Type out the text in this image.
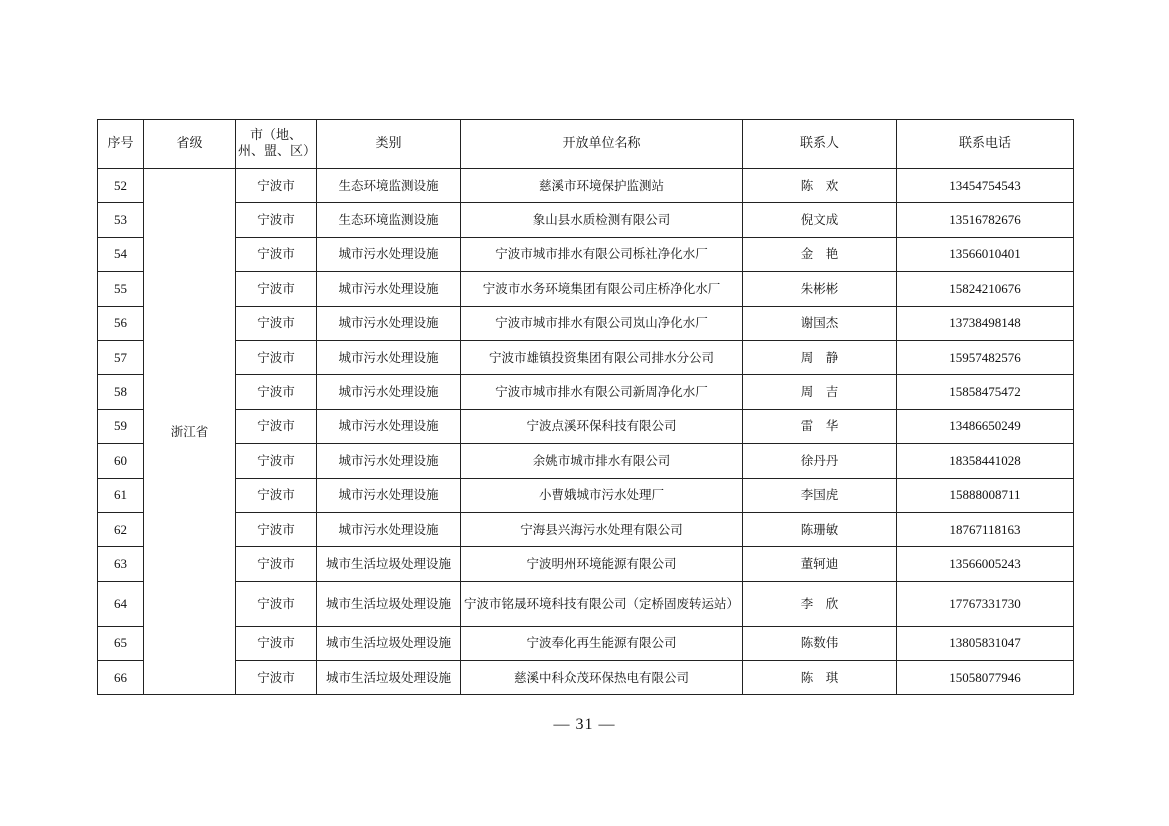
序号	省级	市（地、州、盟、区）	类别	开放单位名称	联系人	联系电话
52	浙江省	宁波市	生态环境监测设施	慈溪市环境保护监测站	陈　欢	13454754543
53		宁波市	生态环境监测设施	象山县水质检测有限公司	倪文成	13516782676
54		宁波市	城市污水处理设施	宁波市城市排水有限公司栎社净化水厂	金　艳	13566010401
55		宁波市	城市污水处理设施	宁波市水务环境集团有限公司庄桥净化水厂	朱彬彬	15824210676
56		宁波市	城市污水处理设施	宁波市城市排水有限公司岚山净化水厂	谢国杰	13738498148
57		宁波市	城市污水处理设施	宁波市雄镇投资集团有限公司排水分公司	周　静	15957482576
58		宁波市	城市污水处理设施	宁波市城市排水有限公司新周净化水厂	周　吉	15858475472
59		宁波市	城市污水处理设施	宁波点溪环保科技有限公司	雷　华	13486650249
60		宁波市	城市污水处理设施	余姚市城市排水有限公司	徐丹丹	18358441028
61		宁波市	城市污水处理设施	小曹娥城市污水处理厂	李国虎	15888008711
62		宁波市	城市污水处理设施	宁海县兴海污水处理有限公司	陈珊敏	18767118163
63		宁波市	城市生活垃圾处理设施	宁波明州环境能源有限公司	董轲迪	13566005243
64		宁波市	城市生活垃圾处理设施	宁波市铭晟环境科技有限公司（定桥固废转运站）	李　欣	17767331730
65		宁波市	城市生活垃圾处理设施	宁波奉化再生能源有限公司	陈数伟	13805831047
66		宁波市	城市生活垃圾处理设施	慈溪中科众茂环保热电有限公司	陈　琪	15058077946
— 31 —
